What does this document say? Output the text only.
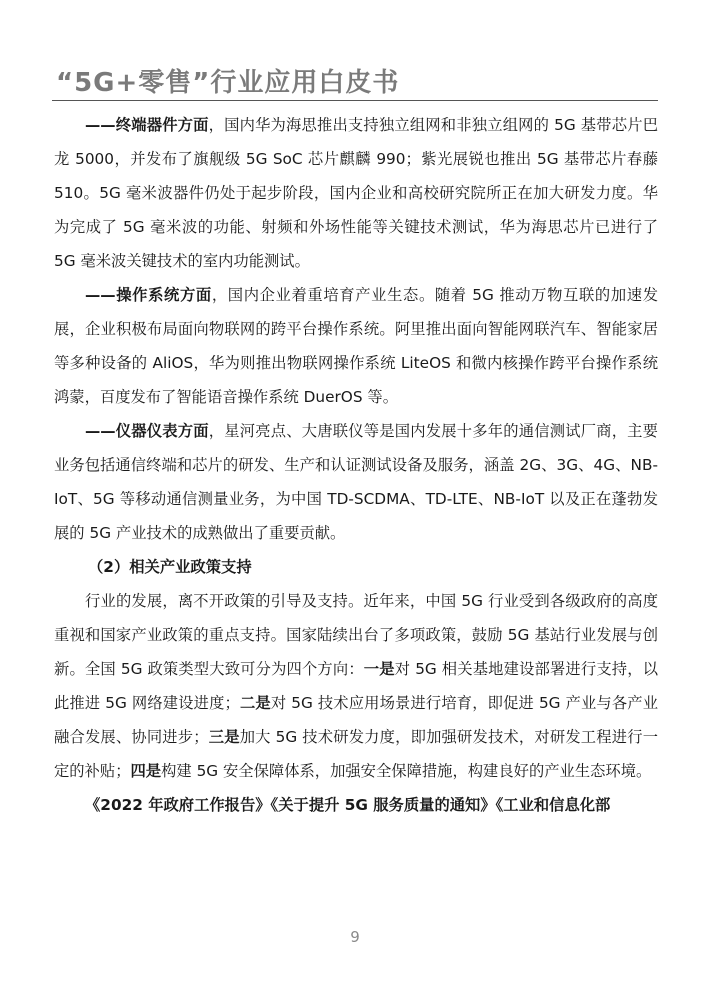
“5G+零售”行业应用白皮书

——终端器件方面，国内华为海思推出支持独立组网和非独立组网的 5G 基带芯片巴龙 5000，并发布了旗舰级 5G SoC 芯片麒麟 990；紫光展锐也推出 5G 基带芯片春藤 510。5G 毫米波器件仍处于起步阶段，国内企业和高校研究院所正在加大研发力度。华为完成了 5G 毫米波的功能、射频和外场性能等关键技术测试，华为海思芯片已进行了 5G 毫米波关键技术的室内功能测试。

——操作系统方面，国内企业着重培育产业生态。随着 5G 推动万物互联的加速发展，企业积极布局面向物联网的跨平台操作系统。阿里推出面向智能网联汽车、智能家居等多种设备的 AliOS，华为则推出物联网操作系统 LiteOS 和微内核操作跨平台操作系统鸿蒙，百度发布了智能语音操作系统 DuerOS 等。

——仪器仪表方面，星河亮点、大唐联仪等是国内发展十多年的通信测试厂商，主要业务包括通信终端和芯片的研发、生产和认证测试设备及服务，涵盖 2G、3G、4G、NB-IoT、5G 等移动通信测量业务，为中国 TD-SCDMA、TD-LTE、NB-IoT 以及正在蓬勃发展的 5G 产业技术的成熟做出了重要贡献。

（2）相关产业政策支持

行业的发展，离不开政策的引导及支持。近年来，中国 5G 行业受到各级政府的高度重视和国家产业政策的重点支持。国家陆续出台了多项政策，鼓励 5G 基站行业发展与创新。全国 5G 政策类型大致可分为四个方向：一是对 5G 相关基地建设部署进行支持，以此推进 5G 网络建设进度；二是对 5G 技术应用场景进行培育，即促进 5G 产业与各产业融合发展、协同进步；三是加大 5G 技术研发力度，即加强研发技术，对研发工程进行一定的补贴；四是构建 5G 安全保障体系，加强安全保障措施，构建良好的产业生态环境。

《2022 年政府工作报告》《关于提升 5G 服务质量的通知》《工业和信息化部

9
